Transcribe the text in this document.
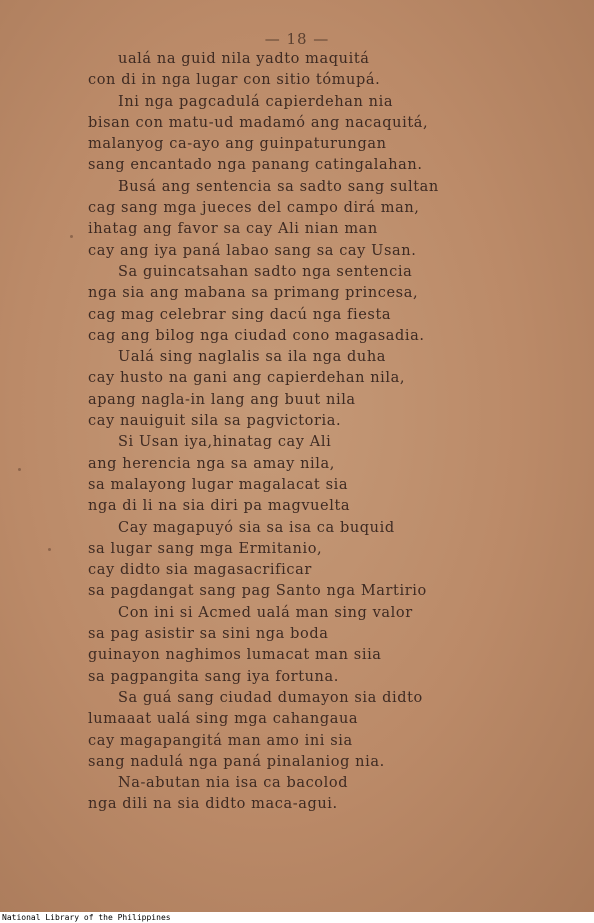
— 18 —
ualá na guid nila yadto maquitá
con di in nga lugar con sitio tómupá.
Ini nga pagcadulá capierdehan nia
bisan con matu-ud madamó ang nacaquitá,
malanyog ca-ayo ang guinpaturungan
sang encantado nga panang catingalahan.
Busá ang sentencia sa sadto sang sultan
cag sang mga jueces del campo dirá man,
ihatag ang favor sa cay Ali nian man
cay ang iya paná labao sang sa cay Usan.
Sa guincatsahan sadto nga sentencia
nga sia ang mabana sa primang princesa,
cag mag celebrar sing dacú nga fiesta
cag ang bilog nga ciudad cono magasadia.
Ualá sing naglalis sa ila nga duha
cay husto na gani ang capierdehan nila,
apang nagla-in lang ang buut nila
cay nauiguit sila sa pagvictoria.
Si Usan iya,hinatag cay Ali
ang herencia nga sa amay nila,
sa malayong lugar magalacat sia
nga di li na sia diri pa magvuelta
Cay magapuyó sia sa isa ca buquid
sa lugar sang mga Ermitanio,
cay didto sia magasacrificar
sa pagdangat sang pag Santo nga Martirio
Con ini si Acmed ualá man sing valor
sa pag asistir sa sini nga boda
guinayon naghimos lumacat man siia
sa pagpangita sang iya fortuna.
Sa guá sang ciudad dumayon sia didto
lumaaat ualá sing mga cahangaua
cay magapangitá man amo ini sia
sang nadulá nga paná pinalaniog nia.
Na-abutan nia isa ca bacolod
nga dili na sia didto maca-agui.
National Library of the Philippines
